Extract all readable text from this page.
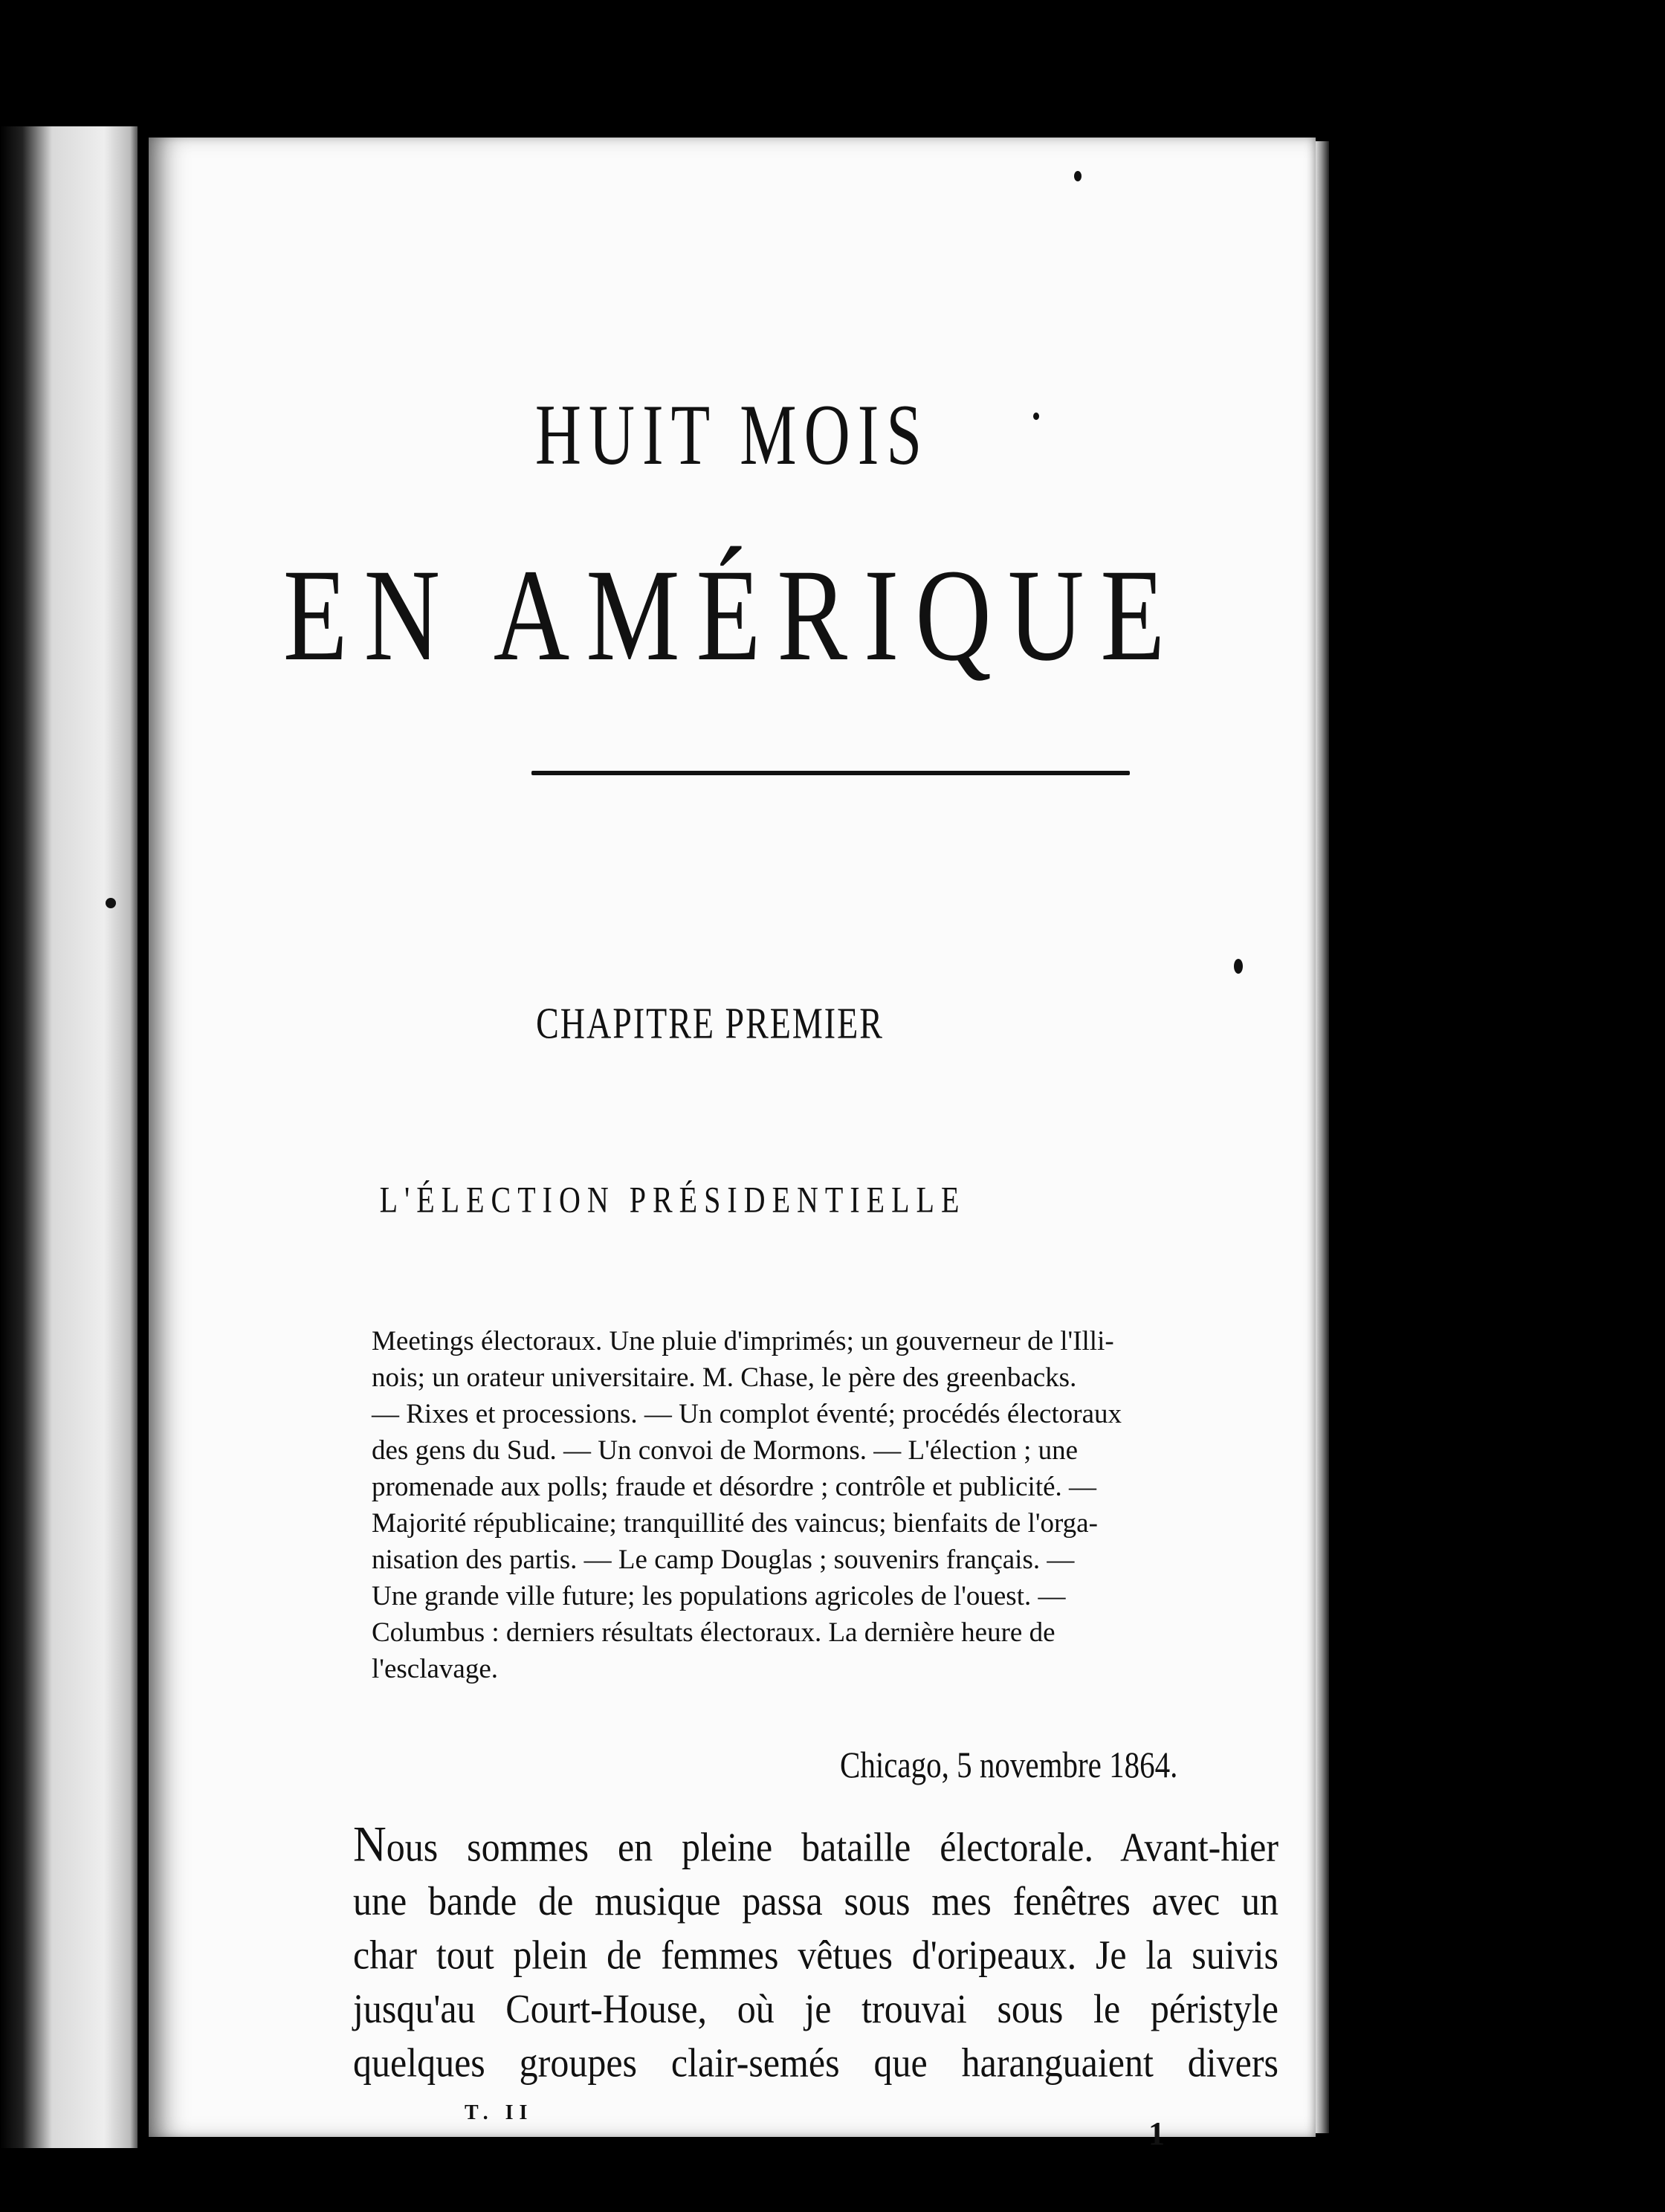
HUIT MOIS
EN AMÉRIQUE
CHAPITRE PREMIER
L'ÉLECTION PRÉSIDENTIELLE
Meetings électoraux. Une pluie d'imprimés; un gouverneur de l'Illi-
nois; un orateur universitaire. M. Chase, le père des greenbacks.
— Rixes et processions. — Un complot éventé; procédés électoraux
des gens du Sud. — Un convoi de Mormons. — L'élection ; une
promenade aux polls; fraude et désordre ; contrôle et publicité. —
Majorité républicaine; tranquillité des vaincus; bienfaits de l'orga-
nisation des partis. — Le camp Douglas ; souvenirs français. —
Une grande ville future; les populations agricoles de l'ouest. —
Columbus : derniers résultats électoraux. La dernière heure de
l'esclavage.
Chicago, 5 novembre 1864.
Nous sommes en pleine bataille électorale. Avant-hier
une bande de musique passa sous mes fenêtres avec un
char tout plein de femmes vêtues d'oripeaux. Je la suivis
jusqu'au Court-House, où je trouvai sous le péristyle
quelques groupes clair-semés que haranguaient divers
T. II
1
